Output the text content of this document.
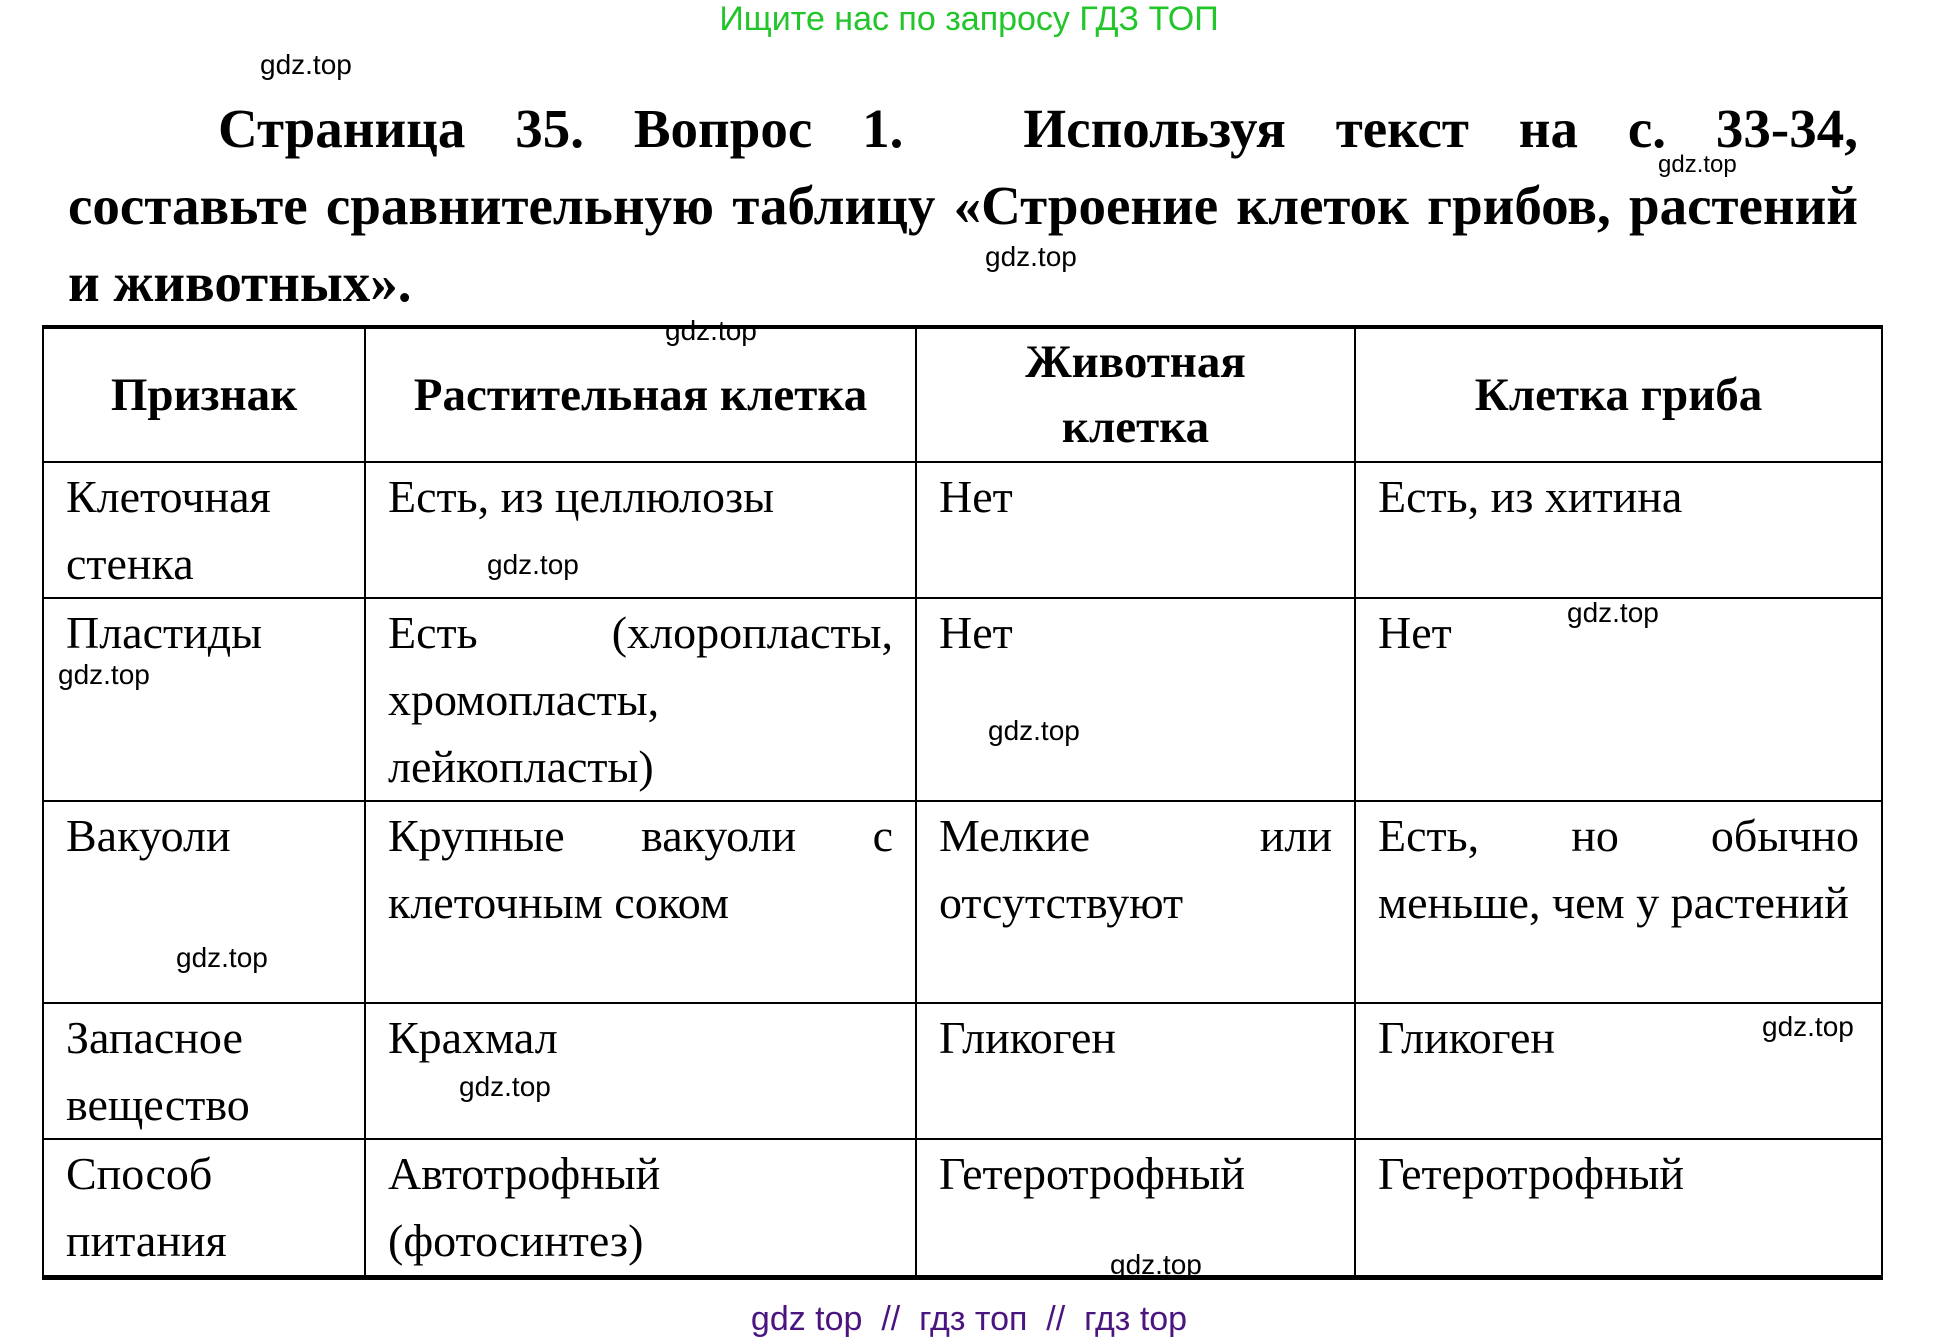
Ищите нас по запросу ГДЗ ТОП
gdz.top
Страница 35. Вопрос 1. Используя текст на с. 33-34, составьте сравнительную таблицу «Строение клеток грибов, растений и животных».
gdz.top
gdz.top
Признак	Растительная клетка	Животная клетка	Клетка гриба
Клеточная стенка	Есть, из целлюлозы	Нет	Есть, из хитина
Пластиды	Есть (хлоропласты, хромопласты, лейкопласты)	Нет	Нет
Вакуоли	Крупные вакуоли с клеточным соком	Мелкие или отсутствуют	Есть, но обычно меньше, чем у растений
Запасное вещество	Крахмал	Гликоген	Гликоген
Способ питания	Автотрофный (фотосинтез)	Гетеротрофный	Гетеротрофный
gdz.top
gdz.top
gdz.top
gdz.top
gdz.top
gdz.top
gdz.top
gdz.top
gdz.top
gdz top  //  гдз топ  //  гдз top
